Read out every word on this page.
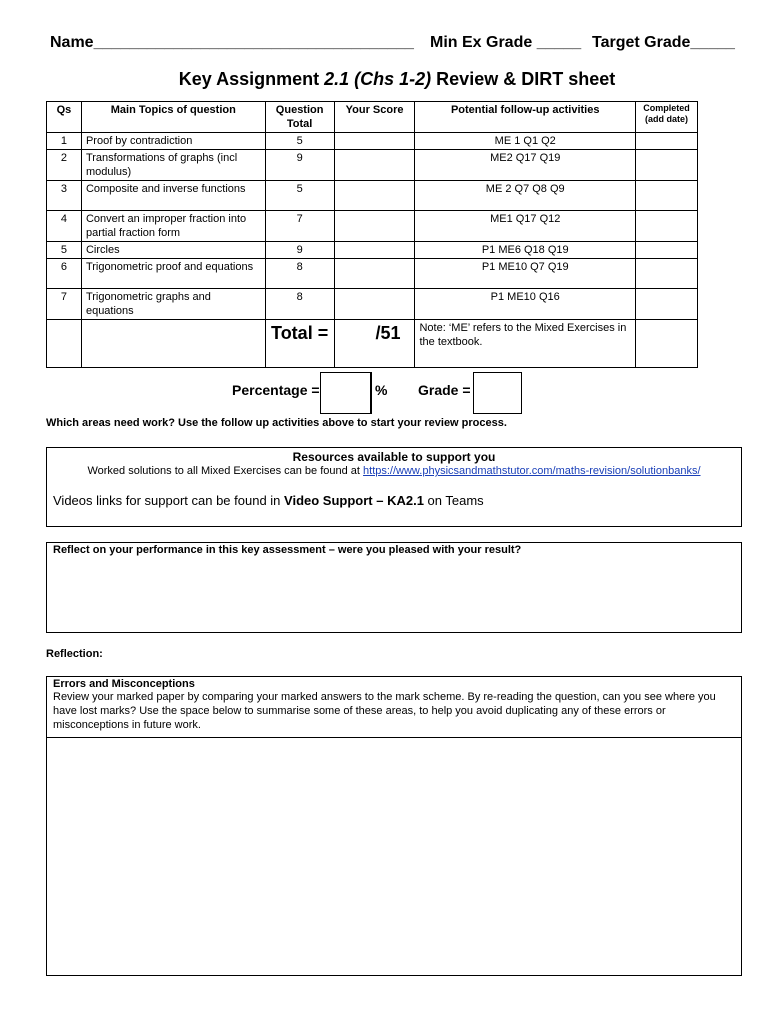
Name____________________________________ Min Ex Grade _____ Target Grade_____
Key Assignment 2.1 (Chs 1-2) Review & DIRT sheet
Qs	Main Topics of question	Question Total	Your Score	Potential follow-up activities	Completed (add date)
1	Proof by contradiction	5		ME 1 Q1 Q2	
2	Transformations of graphs (incl modulus)	9		ME2 Q17 Q19	
3	Composite and inverse functions	5		ME 2 Q7 Q8 Q9	
4	Convert an improper fraction into partial fraction form	7		ME1 Q17 Q12	
5	Circles	9		P1 ME6 Q18 Q19	
6	Trigonometric proof and equations	8		P1 ME10 Q7 Q19	
7	Trigonometric graphs and equations	8		P1 ME10 Q16	
		Total =	/51	Note: ‘ME’ refers to the Mixed Exercises in the textbook.	
Percentage =	% Grade =
Which areas need work? Use the follow up activities above to start your review process.
Resources available to support you
Worked solutions to all Mixed Exercises can be found at https://www.physicsandmathstutor.com/maths-revision/solutionbanks/
Videos links for support can be found in Video Support – KA2.1 on Teams
Reflect on your performance in this key assessment – were you pleased with your result?
Reflection:
Errors and Misconceptions
Review your marked paper by comparing your marked answers to the mark scheme. By re-reading the question, can you see where you have lost marks? Use the space below to summarise some of these areas, to help you avoid duplicating any of these errors or misconceptions in future work.
